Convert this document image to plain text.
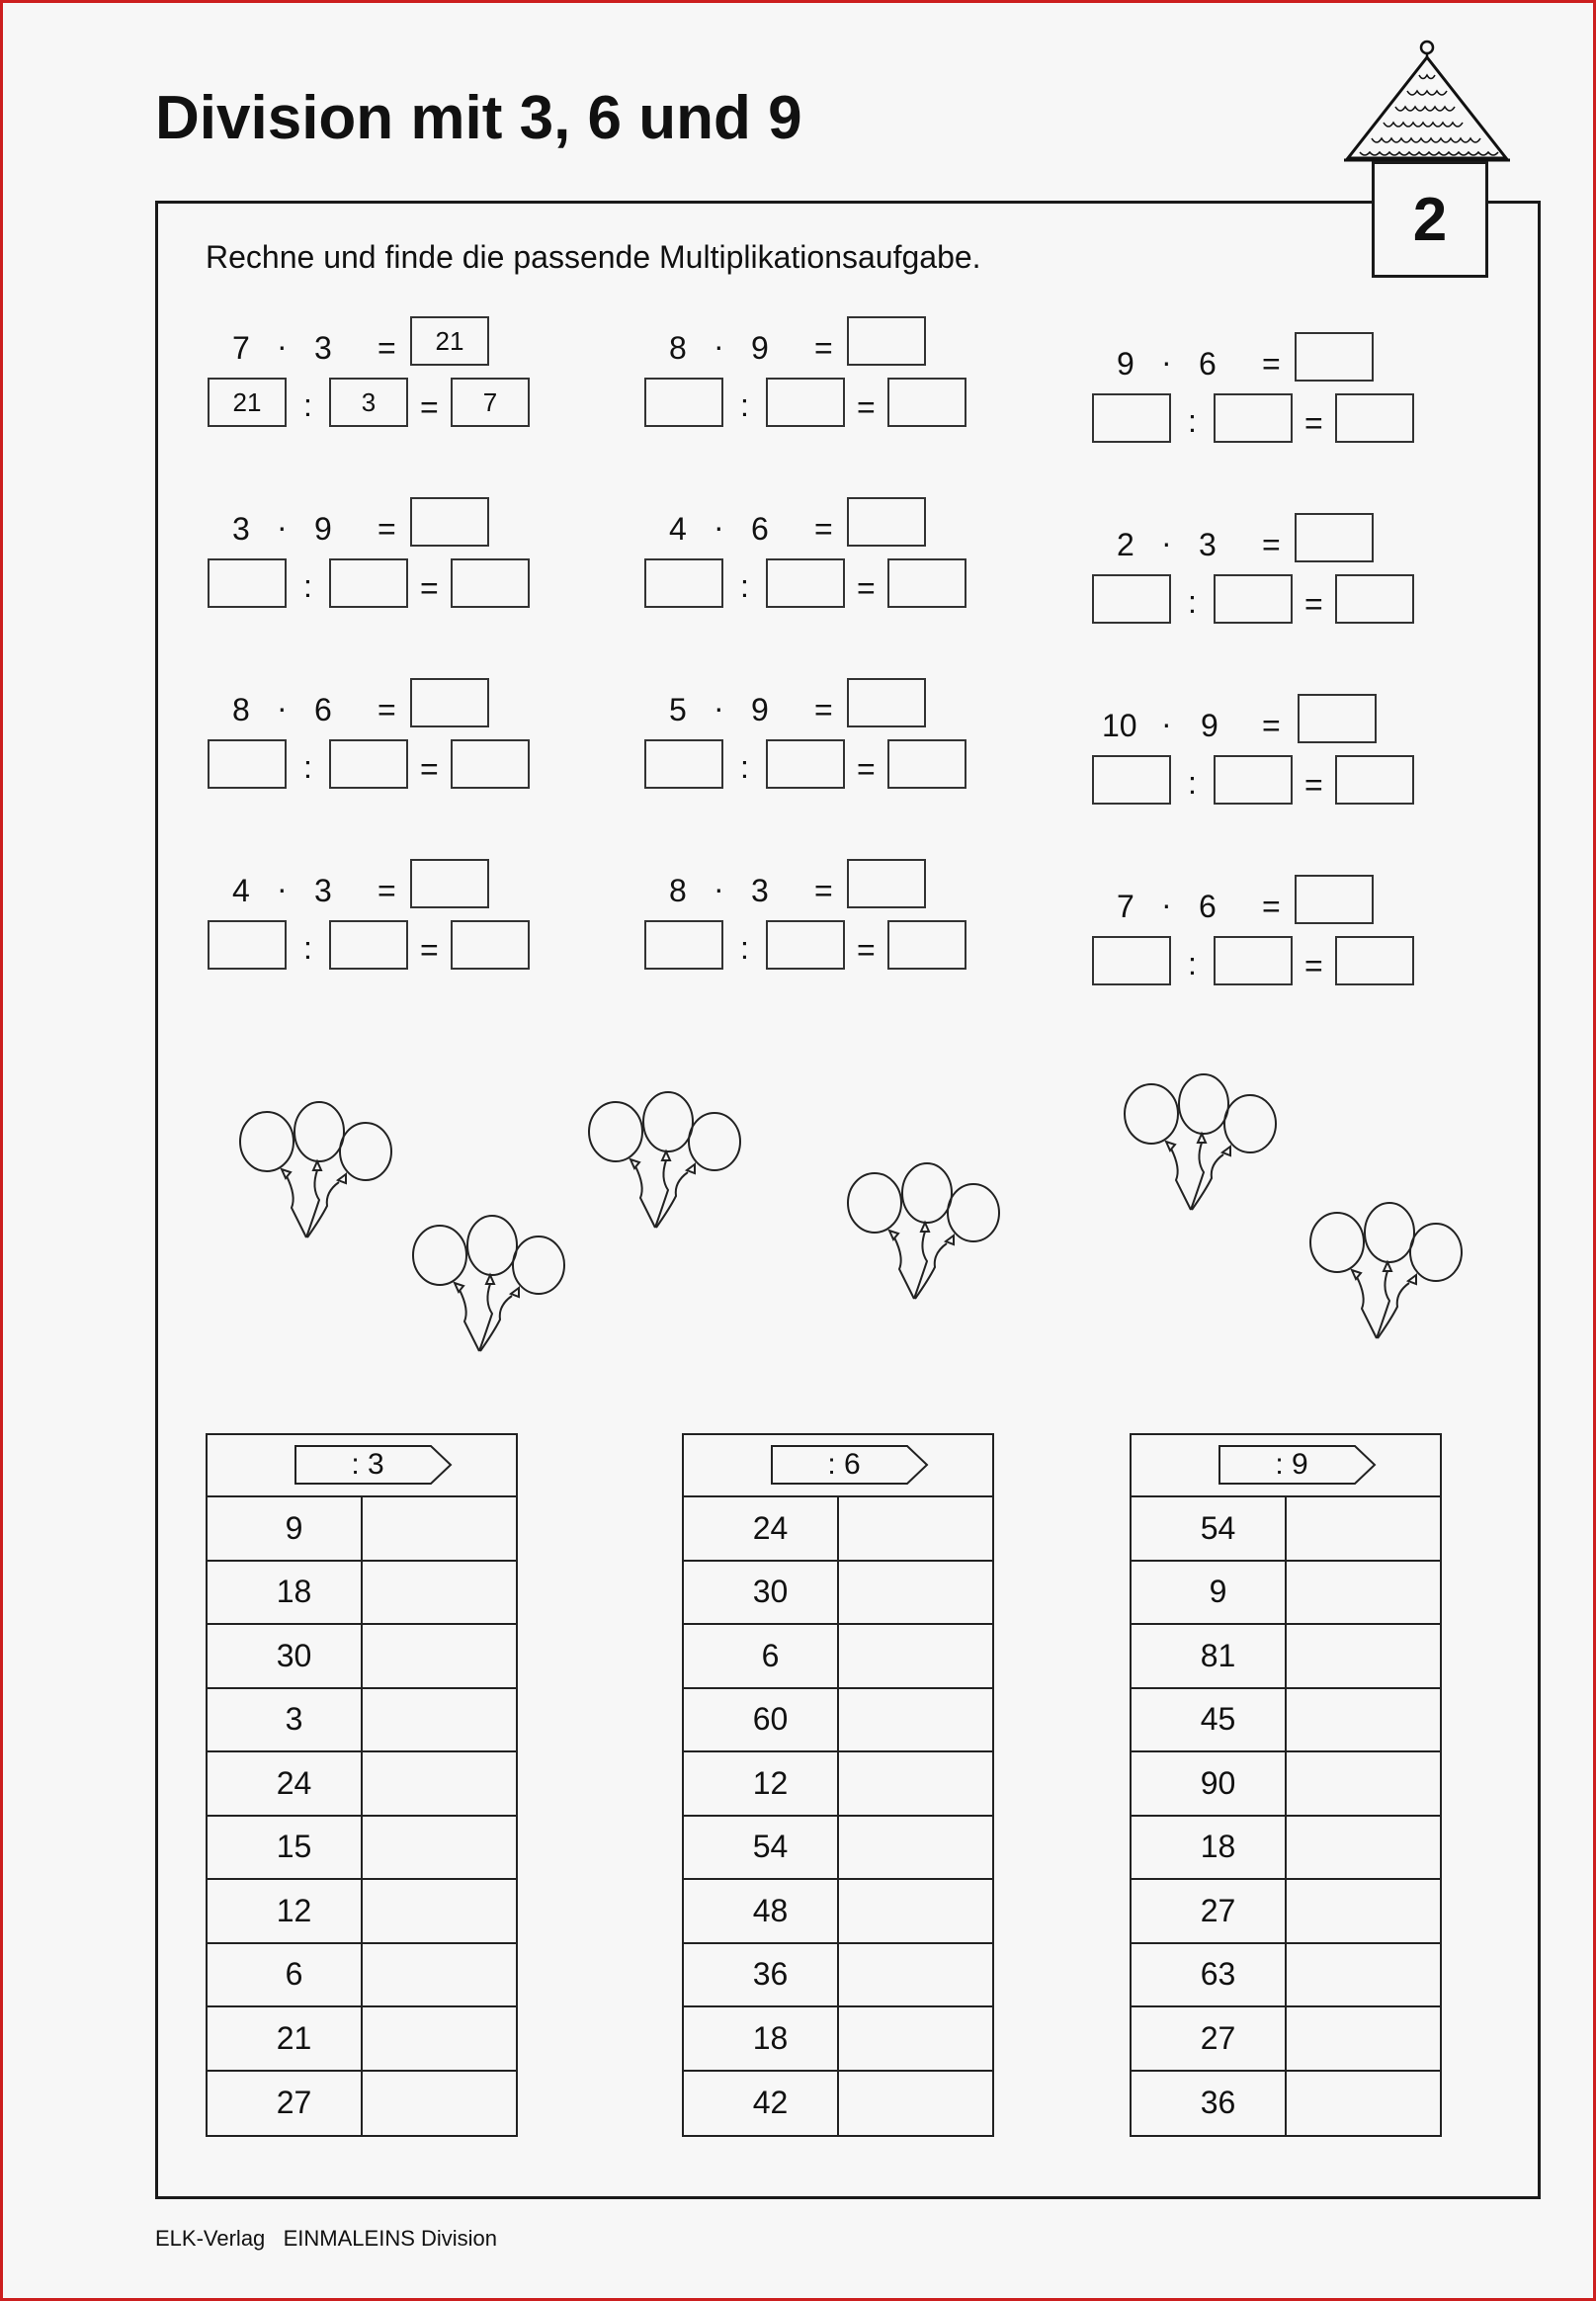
Division mit 3, 6 und 9
2
Rechne und finde die passende Multiplikationsaufgabe.
7 · 3 =	21
21	:	3	=	7
8 · 9 =
:	=
9 · 6 =
:	=
3 · 9 =
:	=
4 · 6 =
:	=
2 · 3 =
:	=
8 · 6 =
:	=
5 · 9 =
:	=
10 · 9 =
:	=
4 · 3 =
:	=
8 · 3 =
:	=
7 · 6 =
:	=
: 3
9
18
30
3
24
15
12
6
21
27
: 6
24
30
6
60
12
54
48
36
18
42
: 9
54
9
81
45
90
18
27
63
27
36
ELK-Verlag   EINMALEINS Division
